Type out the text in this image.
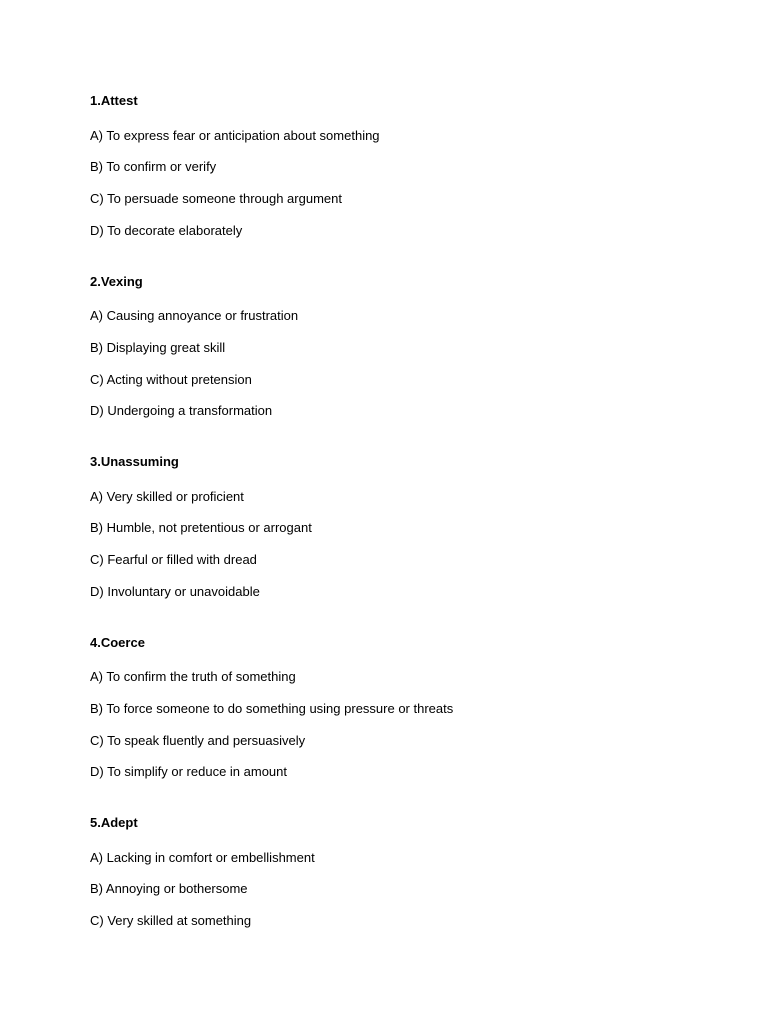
1.Attest
A) To express fear or anticipation about something
B) To confirm or verify
C) To persuade someone through argument
D) To decorate elaborately
2.Vexing
A) Causing annoyance or frustration
B) Displaying great skill
C) Acting without pretension
D) Undergoing a transformation
3.Unassuming
A) Very skilled or proficient
B) Humble, not pretentious or arrogant
C) Fearful or filled with dread
D) Involuntary or unavoidable
4.Coerce
A) To confirm the truth of something
B) To force someone to do something using pressure or threats
C) To speak fluently and persuasively
D) To simplify or reduce in amount
5.Adept
A) Lacking in comfort or embellishment
B) Annoying or bothersome
C) Very skilled at something
